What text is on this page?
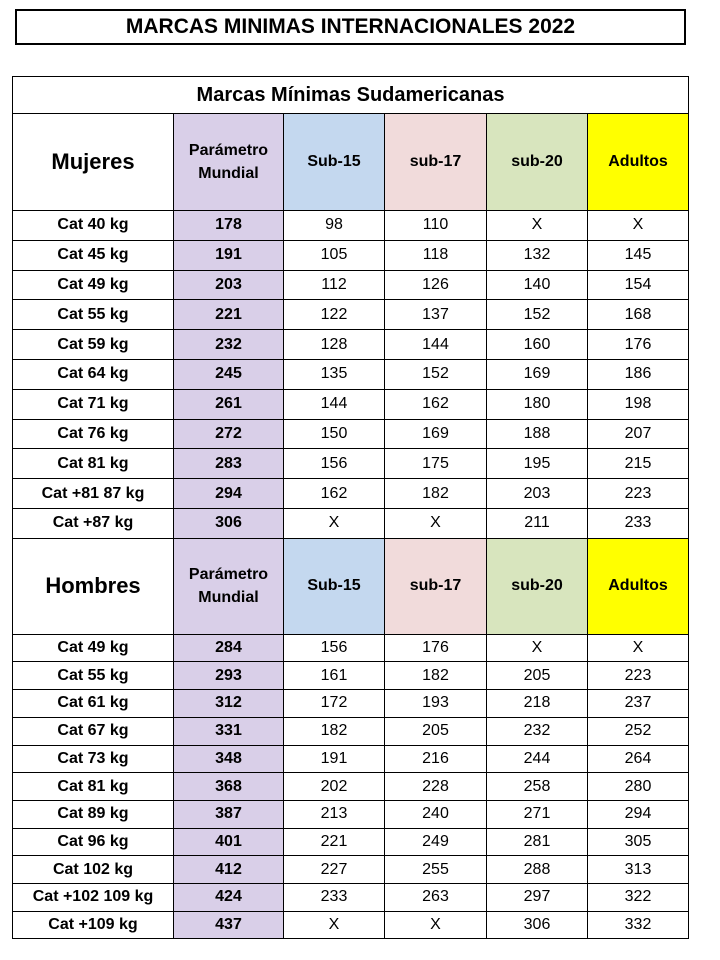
MARCAS MINIMAS INTERNACIONALES 2022
Marcas Mínimas Sudamericanas					
Mujeres	Parámetro Mundial	Sub-15	sub-17	sub-20	Adultos
Cat 40 kg	178	98	110	X	X
Cat 45 kg	191	105	118	132	145
Cat 49 kg	203	112	126	140	154
Cat 55 kg	221	122	137	152	168
Cat 59 kg	232	128	144	160	176
Cat 64 kg	245	135	152	169	186
Cat 71 kg	261	144	162	180	198
Cat 76 kg	272	150	169	188	207
Cat 81 kg	283	156	175	195	215
Cat +81 87 kg	294	162	182	203	223
Cat +87 kg	306	X	X	211	233
Hombres	Parámetro Mundial	Sub-15	sub-17	sub-20	Adultos
Cat 49 kg	284	156	176	X	X
Cat 55 kg	293	161	182	205	223
Cat 61 kg	312	172	193	218	237
Cat 67 kg	331	182	205	232	252
Cat 73 kg	348	191	216	244	264
Cat 81 kg	368	202	228	258	280
Cat 89 kg	387	213	240	271	294
Cat 96 kg	401	221	249	281	305
Cat 102 kg	412	227	255	288	313
Cat +102 109 kg	424	233	263	297	322
Cat +109 kg	437	X	X	306	332
